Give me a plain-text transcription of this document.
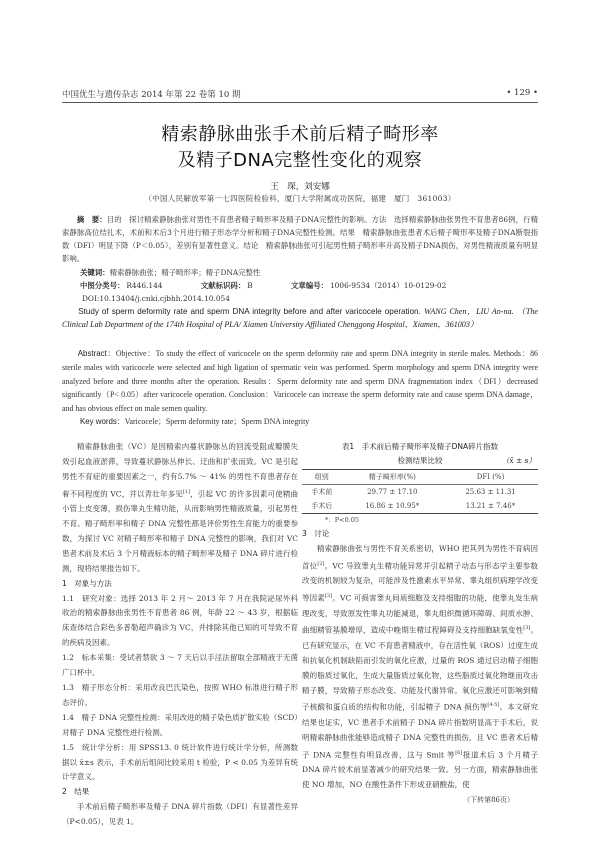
中国优生与遗传杂志 2014 年第 22 卷第 10 期	• 129 •
精索静脉曲张手术前后精子畸形率
及精子DNA完整性变化的观察
王　琛，刘安娜
（中国人民解放军第一七四医院检验科，厦门大学附属成功医院，福建　厦门　361003）
摘　要：目的　探讨精索静脉曲张对男性不育患者精子畸形率及精子DNA完整性的影响。方法　选择精索静脉曲张男性不育患者86例，行精索静脉高位结扎术，术前和术后3个月进行精子形态学分析和精子DNA完整性检测。结果　精索静脉曲张患者术后精子畸形率及精子DNA断裂指数（DFI）明显下降（P＜0.05），差别有显著性意义。结论　精索静脉曲张可引起男性精子畸形率升高及精子DNA损伤，对男性精液质量有明显影响。
关键词：精索静脉曲张；精子畸形率；精子DNA完整性
中图分类号： R446.144	文献标识码： B	文章编号： 1006-9534（2014）10-0129-02
DOI:10.13404/j.cnki.cjbhh.2014.10.054
Study of sperm deformity rate and sperm DNA integrity before and after varicocele operation. WANG Chen，LIU An-na. （The Clinical Lab Department of the 174th Hospital of PLA/ Xiamen University Affiliated Chenggong Hospital，Xiamen，361003）
Abstract：Objective：To study the effect of varicocele on the sperm deformity rate and sperm DNA integrity in sterile males. Methods：86 sterile males with varicocele were selected and high ligation of spermatic vein was performed. Sperm morphology and sperm DNA integrity were analyzed before and three months after the operation. Results：Sperm deformity rate and sperm DNA fragmentation index（DFI）decreased significantly（P< 0.05）after varicocele operation. Conclusion：Varicocele can increase the sperm deformity rate and cause sperm DNA damage，and has obvious effect on male semen quality.
Key words：Varicocele；Sperm deformity rate；Sperm DNA integrity

精索静脉曲张（VC）是因精索内蔓状静脉丛的回流受阻或瓣膜失效引起血液淤滞，导致蔓状静脉丛伸长、迂曲和扩张而致。VC 是引起男性不育症的重要因素之一，约有5.7% ～ 41% 的男性不育患者存在着不同程度的 VC，并以青壮年多见[1]，引起 VC 的许多因素可使精曲小管上皮变薄，损伤睾丸生精功能，从而影响男性精液质量，引起男性不育。精子畸形率和精子 DNA 完整性都是评价男性生育能力的重要参数，为探讨 VC 对精子畸形率和精子 DNA 完整性的影响，我们对 VC 患者术前及术后 3 个月精液标本的精子畸形率及精子 DNA 碎片进行检测，现将结果报告如下。

1　对象与方法

1.1　研究对象：选择 2013 年 2 月～ 2013 年 7 月在我院泌尿外科收治的精索静脉曲张男性不育患者 86 例，年龄 22 ～ 43 岁，根据临床查体结合彩色多普勒超声确诊为 VC，并排除其他已知的可导致不育的疾病及因素。

1.2　标本采集：受试者禁欲 3 ～ 7 天后以手淫法留取全部精液于无菌广口杯中。

1.3　精子形态分析：采用改良巴氏染色，按照 WHO 标准进行精子形态评价。

1.4　精子 DNA 完整性检测：采用改进的精子染色质扩散实验（SCD）对精子 DNA 完整性进行检测。

1.5　统计学分析：用 SPSS13. 0 统计软件进行统计学分析，所测数据以 x̄±s 表示，手术前后组间比较采用 t 检验，P < 0.05 为差异有统计学意义。

2　结果

手术前后精子畸形率及精子 DNA 碎片指数（DFI）有显著性差异（P<0.05），见表 1。

表1　手术前后精子畸形率及精子DNA碎片指数
检测结果比较	（x̄ ± s）
组别	精子畸形率(%)	DFI (%)
手术前	29.77 ± 17.10	25.63 ± 11.31
手术后	16.86 ± 10.95*	13.21 ± 7.46*

*：P<0.05

3　讨论

精索静脉曲张与男性不育关系密切，WHO 把其列为男性不育病因首位[2]。VC 导致睾丸生精功能异常并引起精子动态与形态学主要参数改变的机制较为复杂，可能涉及性激素水平异常、睾丸组织病理学改变等因素[3]。VC 可损害睾丸间质细胞及支持细胞的功能，使睾丸发生病理改变，导致原发性睾丸功能减退，睾丸组织微循环障碍、间质水肿、曲细精管基膜增厚，造成中晚期生精过程障碍及支持细胞缺氧变性[3]。已有研究显示，在 VC 不育患者精液中，存在活性氧（ROS）过度生成和抗氧化机制缺陷而引发的氧化应激，过量的 ROS 通过启动精子细胞膜的脂质过氧化，生成大量脂质过氧化物，这些脂质过氧化物继而攻击精子膜，导致精子形态改变、功能及代谢异常。氧化应激还可影响到精子核酸和蛋白质的结构和功能，引起精子 DNA 损伤等[4-5]。本文研究结果也证实，VC 患者手术前精子 DNA 碎片指数明显高于手术后，说明精索静脉曲张能够造成精子 DNA 完整性的损伤，且 VC 患者术后精子 DNA 完整性有明显改善，这与 Smit 等[6]报道术后 3 个月精子 DNA 碎片较术前显著减少的研究结果一致。另一方面，精索静脉曲张使 NO 增加，NO 在酸性条件下形成亚硝酸盐，使

（下转第86页）
